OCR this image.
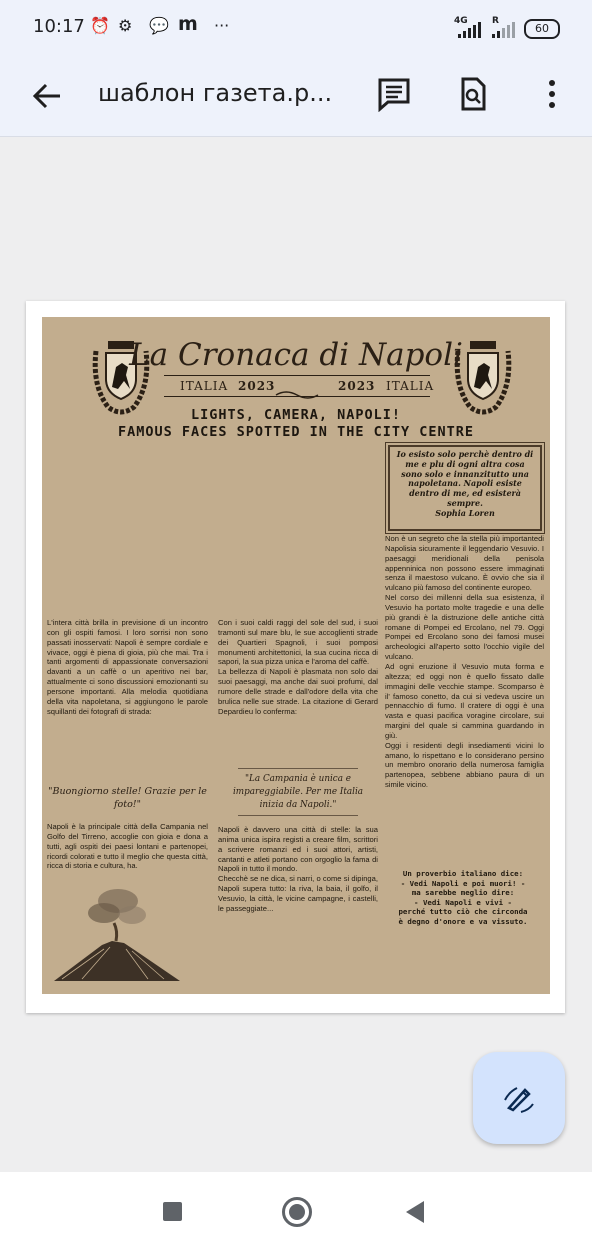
10:17 ⏰ ⚙ 💬 m ···	4G	R
60
шаблон газета.p...
La Cronaca di Napoli
ITALIA 2023	2023 ITALIA
LIGHTS, CAMERA, NAPOLI!
FAMOUS FACES SPOTTED IN THE CITY CENTRE

Io esisto solo perchè dentro di me e plu di ogni altra cosa sono solo e innanzitutto una napoletana. Napoli esiste dentro di me, ed esisterà sempre.

Sophia Loren

L'intera città brilla in previsione di un incontro con gli ospiti famosi. I loro sorrisi non sono passati inosservati: Napoli è sempre cordiale e vivace, oggi è piena di gioia, più che mai. Tra i tanti argomenti di appassionate conversazioni davanti a un caffè o un aperitivo nei bar, attualmente ci sono discussioni emozionanti su persone importanti. Alla melodia quotidiana della vita napoletana, si aggiungono le parole squillanti dei fotografi di strada:

"Buongiorno stelle! Grazie per le foto!"

Napoli è la principale città della Campania nel Golfo del Tirreno, accoglie con gioia e dona a tutti, agli ospiti dei paesi lontani e partenopei, ricordi colorati e tutto il meglio che questa città, ricca di storia e cultura, ha.

Con i suoi caldi raggi del sole del sud, i suoi tramonti sul mare blu, le sue accoglienti strade dei Quartieri Spagnoli, i suoi pomposi monumenti architettonici, la sua cucina ricca di sapori, la sua pizza unica e l'aroma del caffè.

La bellezza di Napoli è plasmata non solo dai suoi paesaggi, ma anche dai suoi profumi, dal rumore delle strade e dall'odore della vita che brulica nelle sue strade. La citazione di Gerard Depardieu lo conferma:

"La Campania è unica e impareggiabile. Per me Italia inizia da Napoli."

Napoli è davvero una città di stelle: la sua anima unica ispira registi a creare film, scrittori a scrivere romanzi ed i suoi attori, artisti, cantanti e atleti portano con orgoglio la fama di Napoli in tutto il mondo.

Checchè se ne dica, si narri, o come si dipinga, Napoli supera tutto: la riva, la baia, il golfo, il Vesuvio, la città, le vicine campagne, i castelli, le passeggiate...

Non è un segreto che la stella più importantedi Napolisia sicuramente il leggendario Vesuvio. I paesaggi meridionali della penisola appenninica non possono essere immaginati senza il maestoso vulcano. È ovvio che sia il vulcano più famoso del continente europeo.

Nel corso dei millenni della sua esistenza, il Vesuvio ha portato molte tragedie e una delle più grandi è la distruzione delle antiche città romane di Pompei ed Ercolano, nel 79. Oggi Pompei ed Ercolano sono dei famosi musei archeologici all'aperto sotto l'occhio vigile del vulcano.

Ad ogni eruzione il Vesuvio muta forma e altezza; ed oggi non è quello fissato dalle immagini delle vecchie stampe. Scomparso è il' famoso conetto, da cui si vedeva uscire un pennacchio di fumo. Il cratere di oggi è una vasta e quasi pacifica voragine circolare, sui margini del quale si cammina guardando in giù.

Oggi i residenti degli insediamenti vicini lo amano, lo rispettano e lo considerano persino un membro onorario della numerosa famiglia partenopea, sebbene abbiano paura di un simile vicino.

Un proverbio italiano dice:
- Vedi Napoli e poi muori! -
ma sarebbe meglio dire:
- Vedi Napoli e vivi -
perché tutto ciò che circonda
è degno d'onore e va vissuto.
